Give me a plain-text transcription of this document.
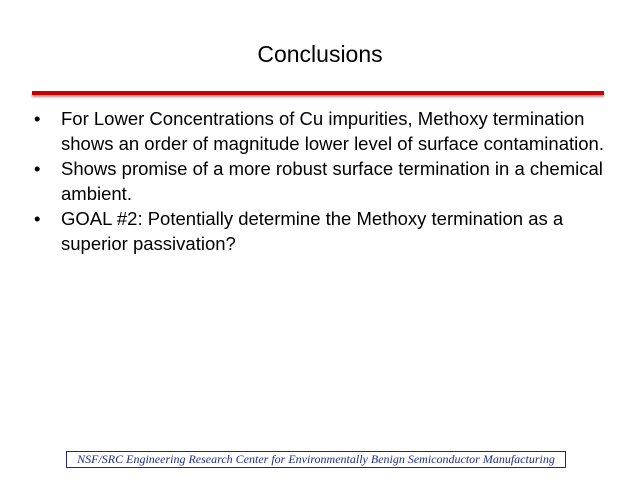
Conclusions
•	For Lower Concentrations of Cu impurities, Methoxy termination shows an order of magnitude lower level of surface contamination.
•	Shows promise of a more robust surface termination in a chemical ambient.
•	GOAL #2: Potentially determine the Methoxy termination as a superior passivation?
NSF/SRC Engineering Research Center for Environmentally Benign Semiconductor Manufacturing
